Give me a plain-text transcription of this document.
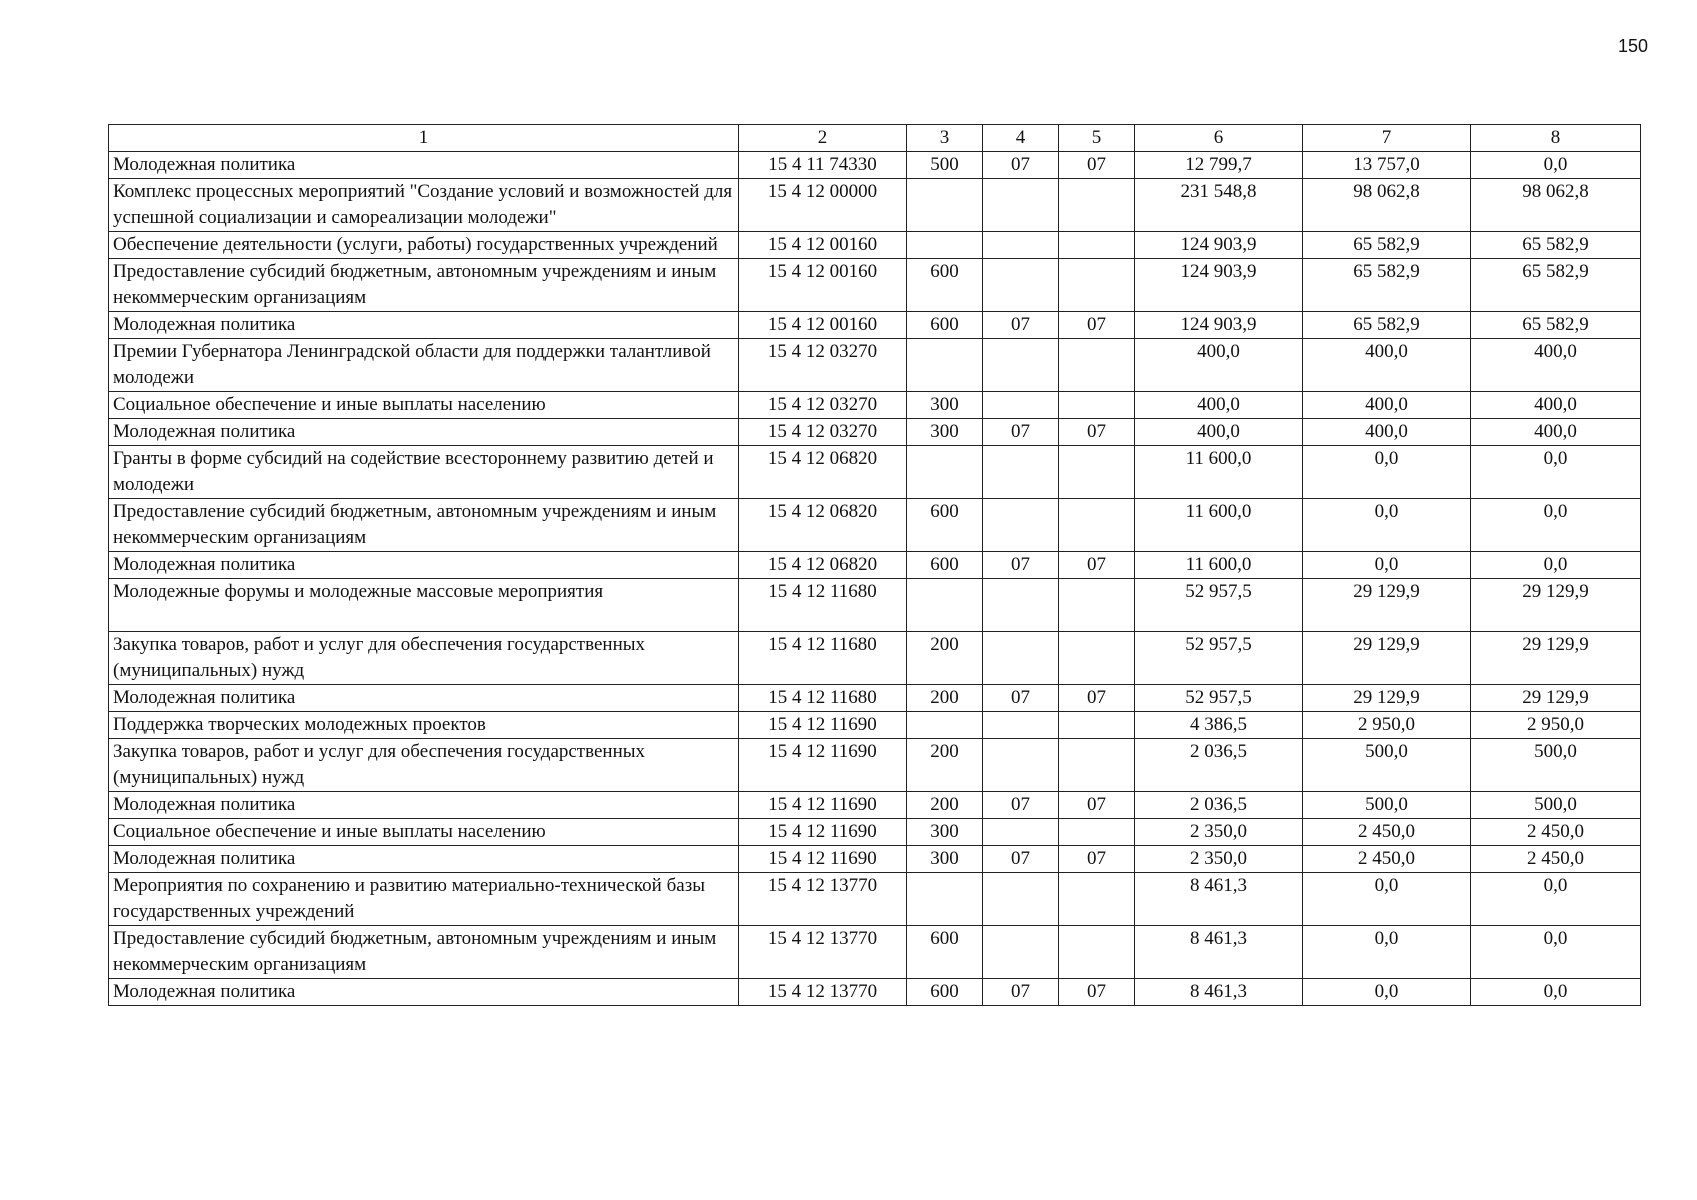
150
1	2	3	4	5	6	7	8
Молодежная политика	15 4 11 74330	500	07	07	12 799,7	13 757,0	0,0
Комплекс процессных мероприятий "Создание условий и возможностей для успешной социализации и самореализации молодежи"	15 4 12 00000				231 548,8	98 062,8	98 062,8
Обеспечение деятельности (услуги, работы) государственных учреждений	15 4 12 00160				124 903,9	65 582,9	65 582,9
Предоставление субсидий бюджетным, автономным учреждениям и иным некоммерческим организациям	15 4 12 00160	600			124 903,9	65 582,9	65 582,9
Молодежная политика	15 4 12 00160	600	07	07	124 903,9	65 582,9	65 582,9
Премии Губернатора Ленинградской области для поддержки талантливой молодежи	15 4 12 03270				400,0	400,0	400,0
Социальное обеспечение и иные выплаты населению	15 4 12 03270	300			400,0	400,0	400,0
Молодежная политика	15 4 12 03270	300	07	07	400,0	400,0	400,0
Гранты в форме субсидий на содействие всестороннему развитию детей и молодежи	15 4 12 06820				11 600,0	0,0	0,0
Предоставление субсидий бюджетным, автономным учреждениям и иным некоммерческим организациям	15 4 12 06820	600			11 600,0	0,0	0,0
Молодежная политика	15 4 12 06820	600	07	07	11 600,0	0,0	0,0
Молодежные форумы и молодежные массовые мероприятия	15 4 12 11680				52 957,5	29 129,9	29 129,9
Закупка товаров, работ и услуг для обеспечения государственных (муниципальных) нужд	15 4 12 11680	200			52 957,5	29 129,9	29 129,9
Молодежная политика	15 4 12 11680	200	07	07	52 957,5	29 129,9	29 129,9
Поддержка творческих молодежных проектов	15 4 12 11690				4 386,5	2 950,0	2 950,0
Закупка товаров, работ и услуг для обеспечения государственных (муниципальных) нужд	15 4 12 11690	200			2 036,5	500,0	500,0
Молодежная политика	15 4 12 11690	200	07	07	2 036,5	500,0	500,0
Социальное обеспечение и иные выплаты населению	15 4 12 11690	300			2 350,0	2 450,0	2 450,0
Молодежная политика	15 4 12 11690	300	07	07	2 350,0	2 450,0	2 450,0
Мероприятия по сохранению и развитию материально-технической базы государственных учреждений	15 4 12 13770				8 461,3	0,0	0,0
Предоставление субсидий бюджетным, автономным учреждениям и иным некоммерческим организациям	15 4 12 13770	600			8 461,3	0,0	0,0
Молодежная политика	15 4 12 13770	600	07	07	8 461,3	0,0	0,0
